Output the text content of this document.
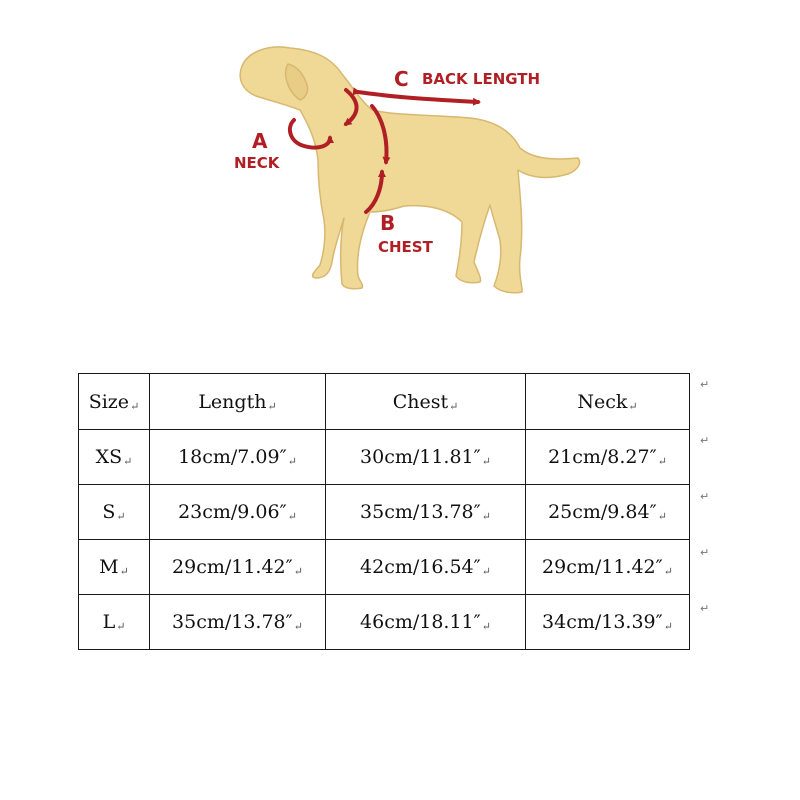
C BACK LENGTH
A
NECK
B
CHEST
Size↵	Length↵	Chest↵	Neck↵
XS↵	18cm/7.09″↵	30cm/11.81″↵	21cm/8.27″↵
S↵	23cm/9.06″↵	35cm/13.78″↵	25cm/9.84″↵
M↵	29cm/11.42″↵	42cm/16.54″↵	29cm/11.42″↵
L↵	35cm/13.78″↵	46cm/18.11″↵	34cm/13.39″↵
↵
↵
↵
↵
↵
